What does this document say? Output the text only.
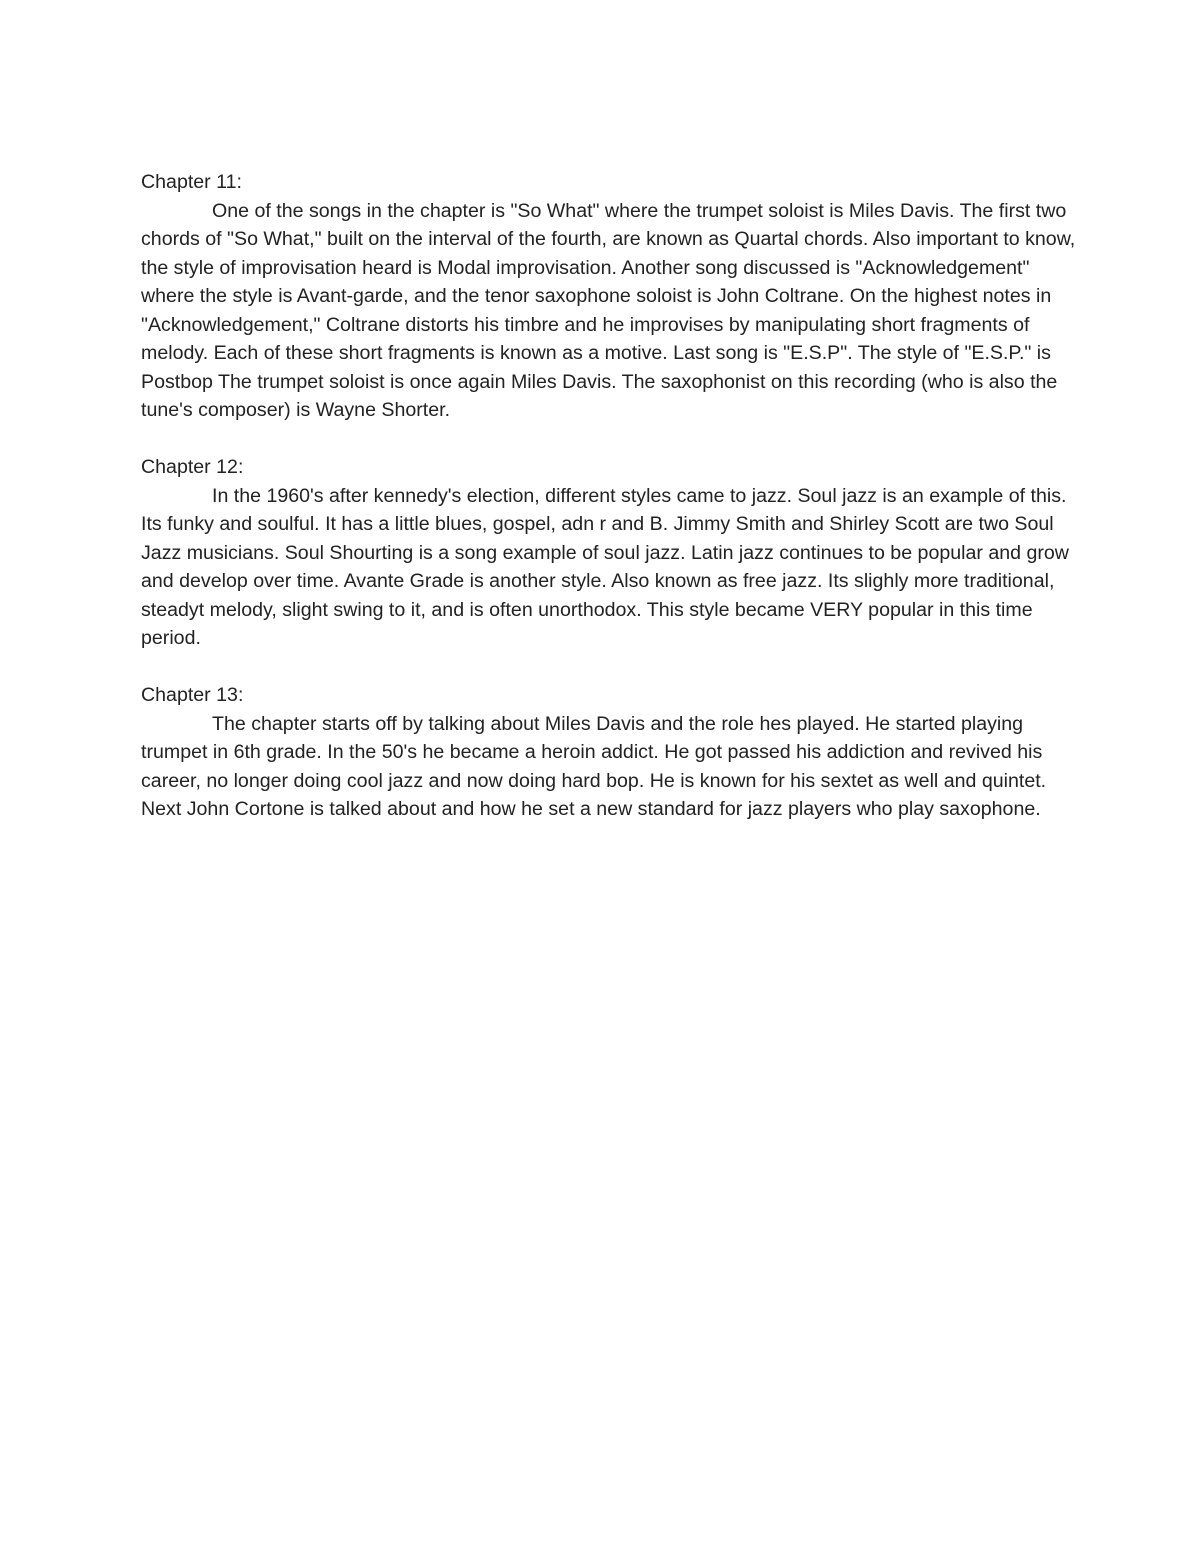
Chapter 11:

One of the songs in the chapter is "So What" where the trumpet soloist is Miles Davis. The first two chords of "So What," built on the interval of the fourth, are known as Quartal chords. Also important to know, the style of improvisation heard is Modal improvisation. Another song discussed is "Acknowledgement" where the style is Avant-garde, and the tenor saxophone soloist is John Coltrane. On the highest notes in "Acknowledgement," Coltrane distorts his timbre and he improvises by manipulating short fragments of melody. Each of these short fragments is known as a motive. Last song is "E.S.P". The style of "E.S.P." is Postbop The trumpet soloist is once again Miles Davis. The saxophonist on this recording (who is also the tune's composer) is Wayne Shorter.

Chapter 12:

In the 1960's after kennedy's election, different styles came to jazz. Soul jazz is an example of this. Its funky and soulful. It has a little blues, gospel, adn r and B. Jimmy Smith and Shirley Scott are two Soul Jazz musicians. Soul Shourting is a song example of soul jazz. Latin jazz continues to be popular and grow and develop over time. Avante Grade is another style. Also known as free jazz. Its slighly more traditional, steadyt melody, slight swing to it, and is often unorthodox. This style became VERY popular in this time period.

Chapter 13:

The chapter starts off by talking about Miles Davis and the role hes played. He started playing trumpet in 6th grade. In the 50's he became a heroin addict. He got passed his addiction and revived his career, no longer doing cool jazz and now doing hard bop. He is known for his sextet as well and quintet. Next John Cortone is talked about and how he set a new standard for jazz players who play saxophone.
